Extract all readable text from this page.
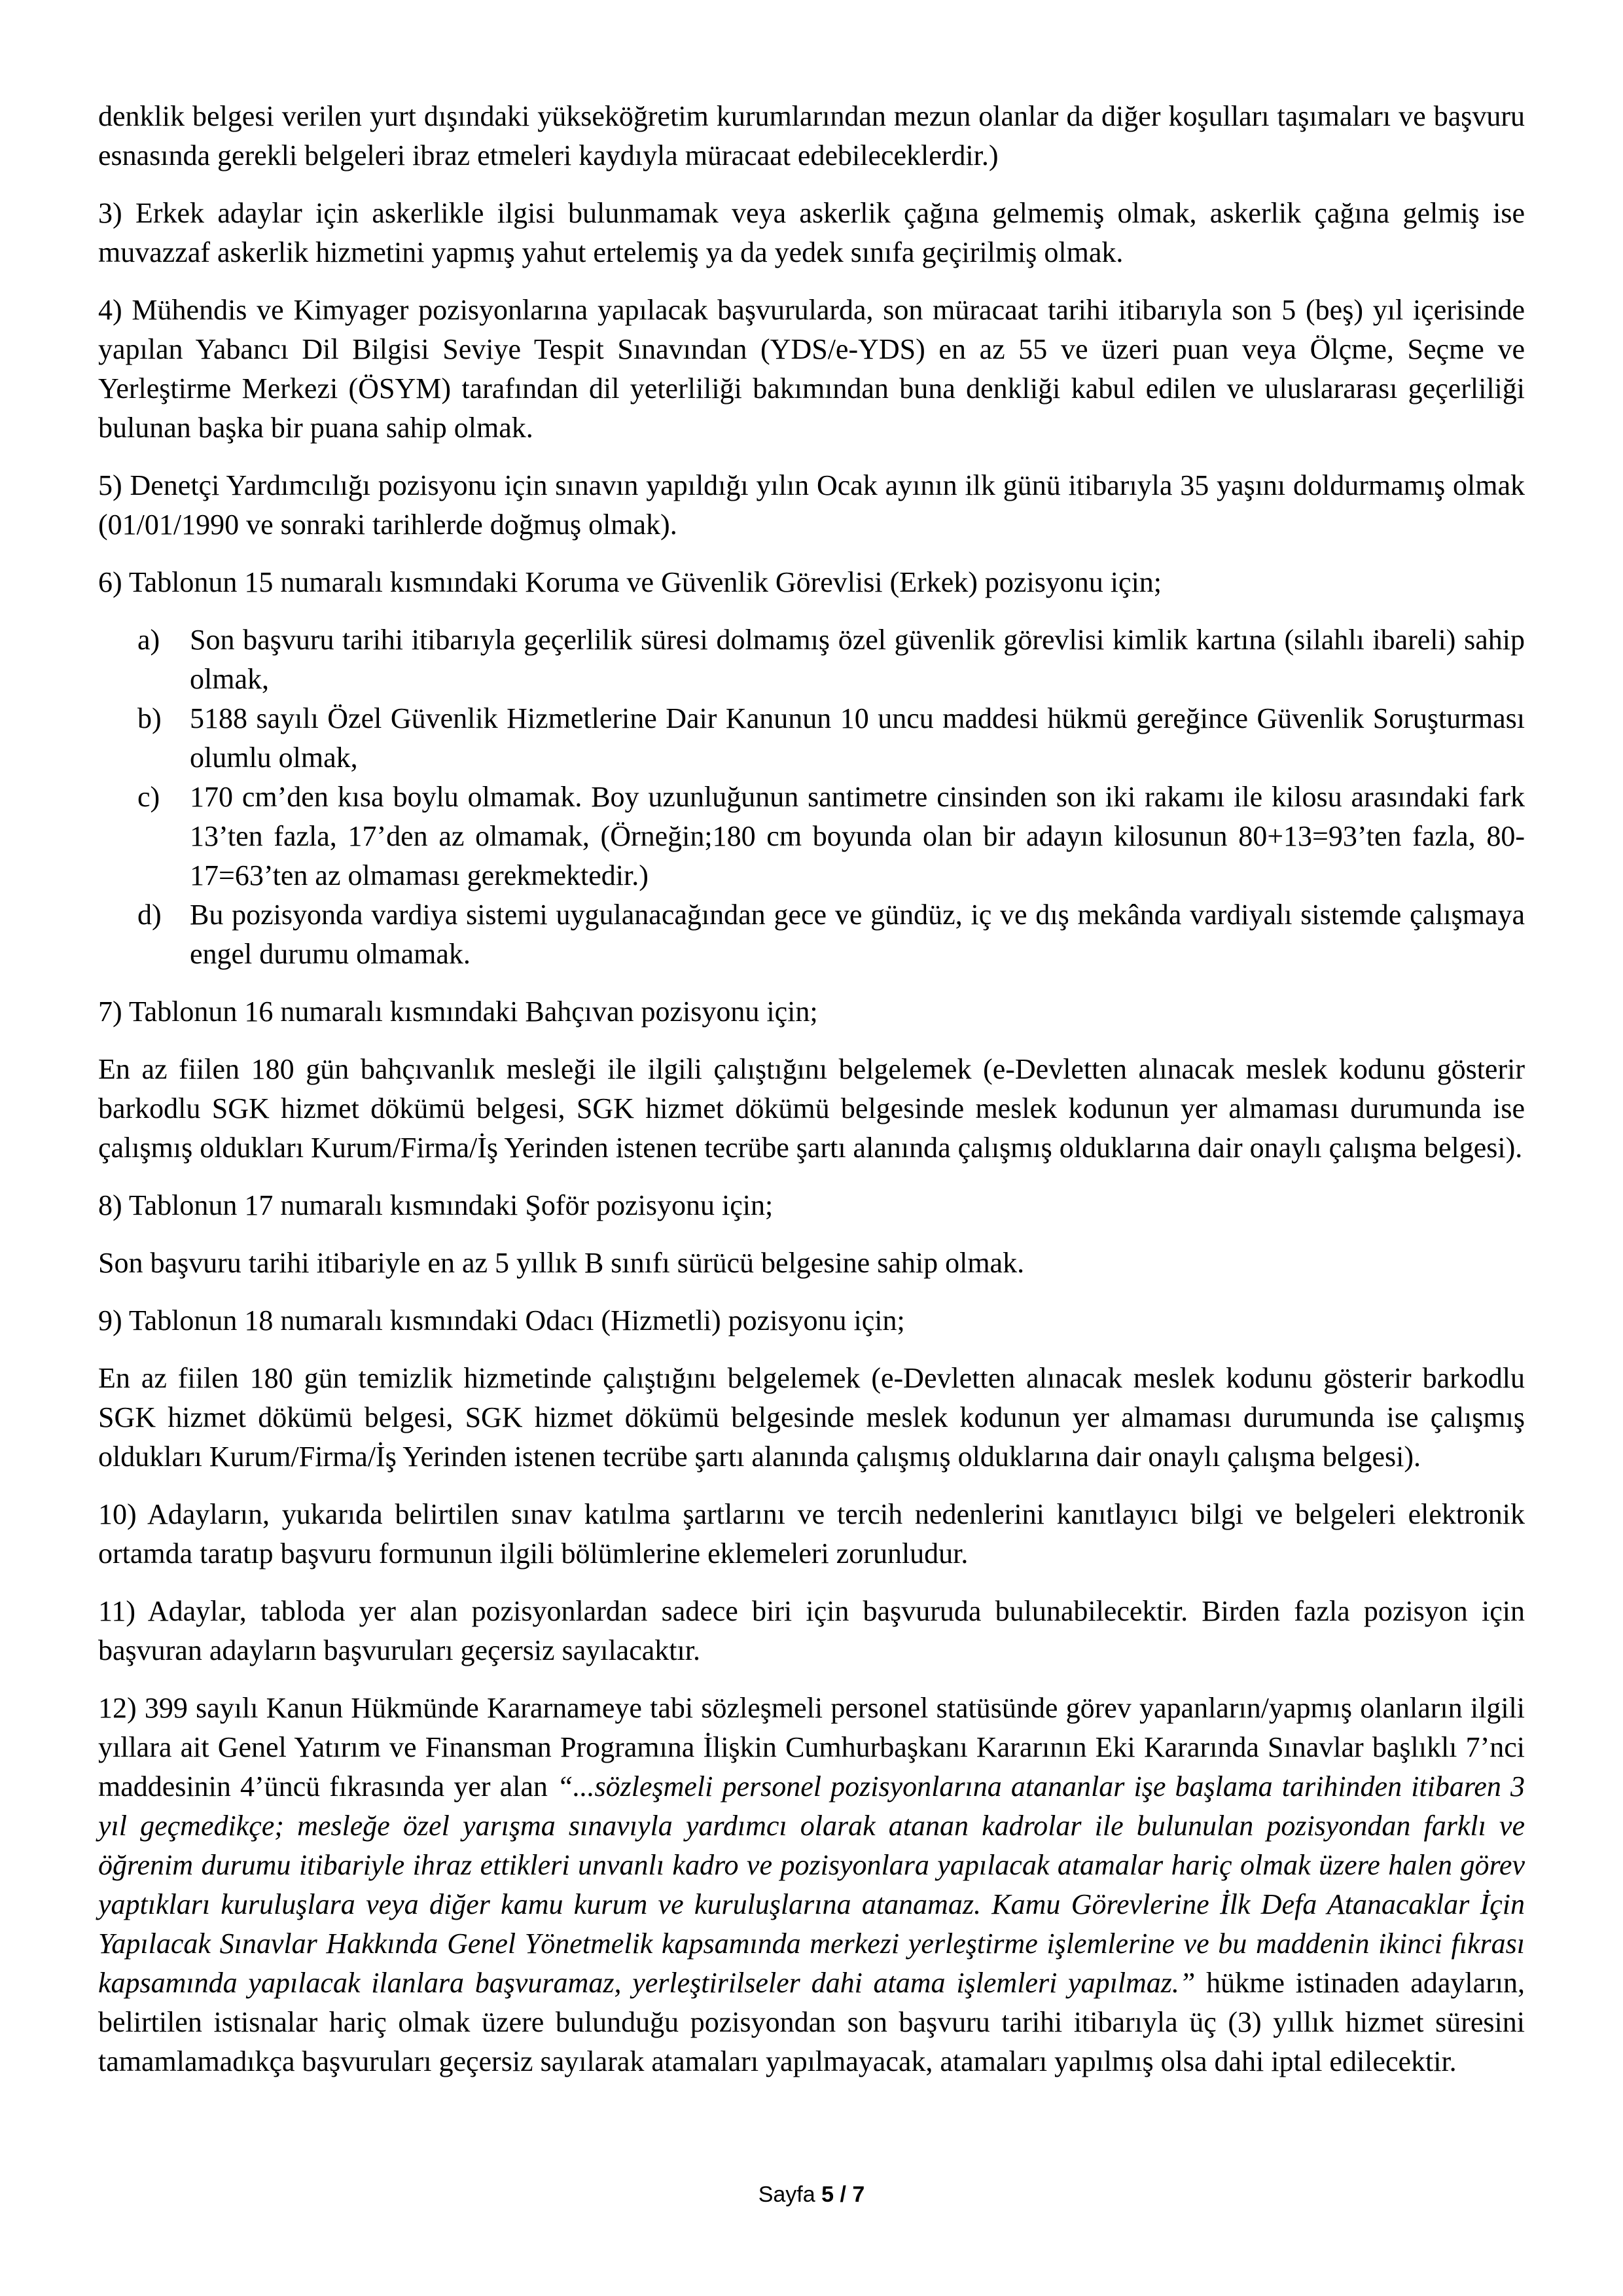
denklik belgesi verilen yurt dışındaki yükseköğretim kurumlarından mezun olanlar da diğer koşulları taşımaları ve başvuru esnasında gerekli belgeleri ibraz etmeleri kaydıyla müracaat edebileceklerdir.)

3) Erkek adaylar için askerlikle ilgisi bulunmamak veya askerlik çağına gelmemiş olmak, askerlik çağına gelmiş ise muvazzaf askerlik hizmetini yapmış yahut ertelemiş ya da yedek sınıfa geçirilmiş olmak.

4) Mühendis ve Kimyager pozisyonlarına yapılacak başvurularda, son müracaat tarihi itibarıyla son 5 (beş) yıl içerisinde yapılan Yabancı Dil Bilgisi Seviye Tespit Sınavından (YDS/e-YDS) en az 55 ve üzeri puan veya Ölçme, Seçme ve Yerleştirme Merkezi (ÖSYM) tarafından dil yeterliliği bakımından buna denkliği kabul edilen ve uluslararası geçerliliği bulunan başka bir puana sahip olmak.

5) Denetçi Yardımcılığı pozisyonu için sınavın yapıldığı yılın Ocak ayının ilk günü itibarıyla 35 yaşını doldurmamış olmak (01/01/1990 ve sonraki tarihlerde doğmuş olmak).

6) Tablonun 15 numaralı kısmındaki Koruma ve Güvenlik Görevlisi (Erkek) pozisyonu için;

a)	Son başvuru tarihi itibarıyla geçerlilik süresi dolmamış özel güvenlik görevlisi kimlik kartına (silahlı ibareli) sahip olmak,
b) 5188 sayılı Özel Güvenlik Hizmetlerine Dair Kanunun 10 uncu maddesi hükmü gereğince Güvenlik Soruşturması olumlu olmak,
c)	170 cm’den kısa boylu olmamak. Boy uzunluğunun santimetre cinsinden son iki rakamı ile kilosu arasındaki fark 13’ten fazla, 17’den az olmamak, (Örneğin;180 cm boyunda olan bir adayın kilosunun 80+13=93’ten fazla, 80-17=63’ten az olmaması gerekmektedir.)
d) Bu pozisyonda vardiya sistemi uygulanacağından gece ve gündüz, iç ve dış mekânda vardiyalı sistemde çalışmaya engel durumu olmamak.

7) Tablonun 16 numaralı kısmındaki Bahçıvan pozisyonu için;

En az fiilen 180 gün bahçıvanlık mesleği ile ilgili çalıştığını belgelemek (e-Devletten alınacak meslek kodunu gösterir barkodlu SGK hizmet dökümü belgesi, SGK hizmet dökümü belgesinde meslek kodunun yer almaması durumunda ise çalışmış oldukları Kurum/Firma/İş Yerinden istenen tecrübe şartı alanında çalışmış olduklarına dair onaylı çalışma belgesi).

8) Tablonun 17 numaralı kısmındaki Şoför pozisyonu için;

Son başvuru tarihi itibariyle en az 5 yıllık B sınıfı sürücü belgesine sahip olmak.

9) Tablonun 18 numaralı kısmındaki Odacı (Hizmetli) pozisyonu için;

En az fiilen 180 gün temizlik hizmetinde çalıştığını belgelemek (e-Devletten alınacak meslek kodunu gösterir barkodlu SGK hizmet dökümü belgesi, SGK hizmet dökümü belgesinde meslek kodunun yer almaması durumunda ise çalışmış oldukları Kurum/Firma/İş Yerinden istenen tecrübe şartı alanında çalışmış olduklarına dair onaylı çalışma belgesi).

10) Adayların, yukarıda belirtilen sınav katılma şartlarını ve tercih nedenlerini kanıtlayıcı bilgi ve belgeleri elektronik ortamda taratıp başvuru formunun ilgili bölümlerine eklemeleri zorunludur.

11) Adaylar, tabloda yer alan pozisyonlardan sadece biri için başvuruda bulunabilecektir. Birden fazla pozisyon için başvuran adayların başvuruları geçersiz sayılacaktır.

12) 399 sayılı Kanun Hükmünde Kararnameye tabi sözleşmeli personel statüsünde görev yapanların/yapmış olanların ilgili yıllara ait Genel Yatırım ve Finansman Programına İlişkin Cumhurbaşkanı Kararının Eki Kararında Sınavlar başlıklı 7’nci maddesinin 4’üncü fıkrasında yer alan “...sözleşmeli personel pozisyonlarına atananlar işe başlama tarihinden itibaren 3 yıl geçmedikçe; mesleğe özel yarışma sınavıyla yardımcı olarak atanan kadrolar ile bulunulan pozisyondan farklı ve öğrenim durumu itibariyle ihraz ettikleri unvanlı kadro ve pozisyonlara yapılacak atamalar hariç olmak üzere halen görev yaptıkları kuruluşlara veya diğer kamu kurum ve kuruluşlarına atanamaz. Kamu Görevlerine İlk Defa Atanacaklar İçin Yapılacak Sınavlar Hakkında Genel Yönetmelik kapsamında merkezi yerleştirme işlemlerine ve bu maddenin ikinci fıkrası kapsamında yapılacak ilanlara başvuramaz, yerleştirilseler dahi atama işlemleri yapılmaz.” hükme istinaden adayların, belirtilen istisnalar hariç olmak üzere bulunduğu pozisyondan son başvuru tarihi itibarıyla üç (3) yıllık hizmet süresini tamamlamadıkça başvuruları geçersiz sayılarak atamaları yapılmayacak, atamaları yapılmış olsa dahi iptal edilecektir.

Sayfa 5 / 7
